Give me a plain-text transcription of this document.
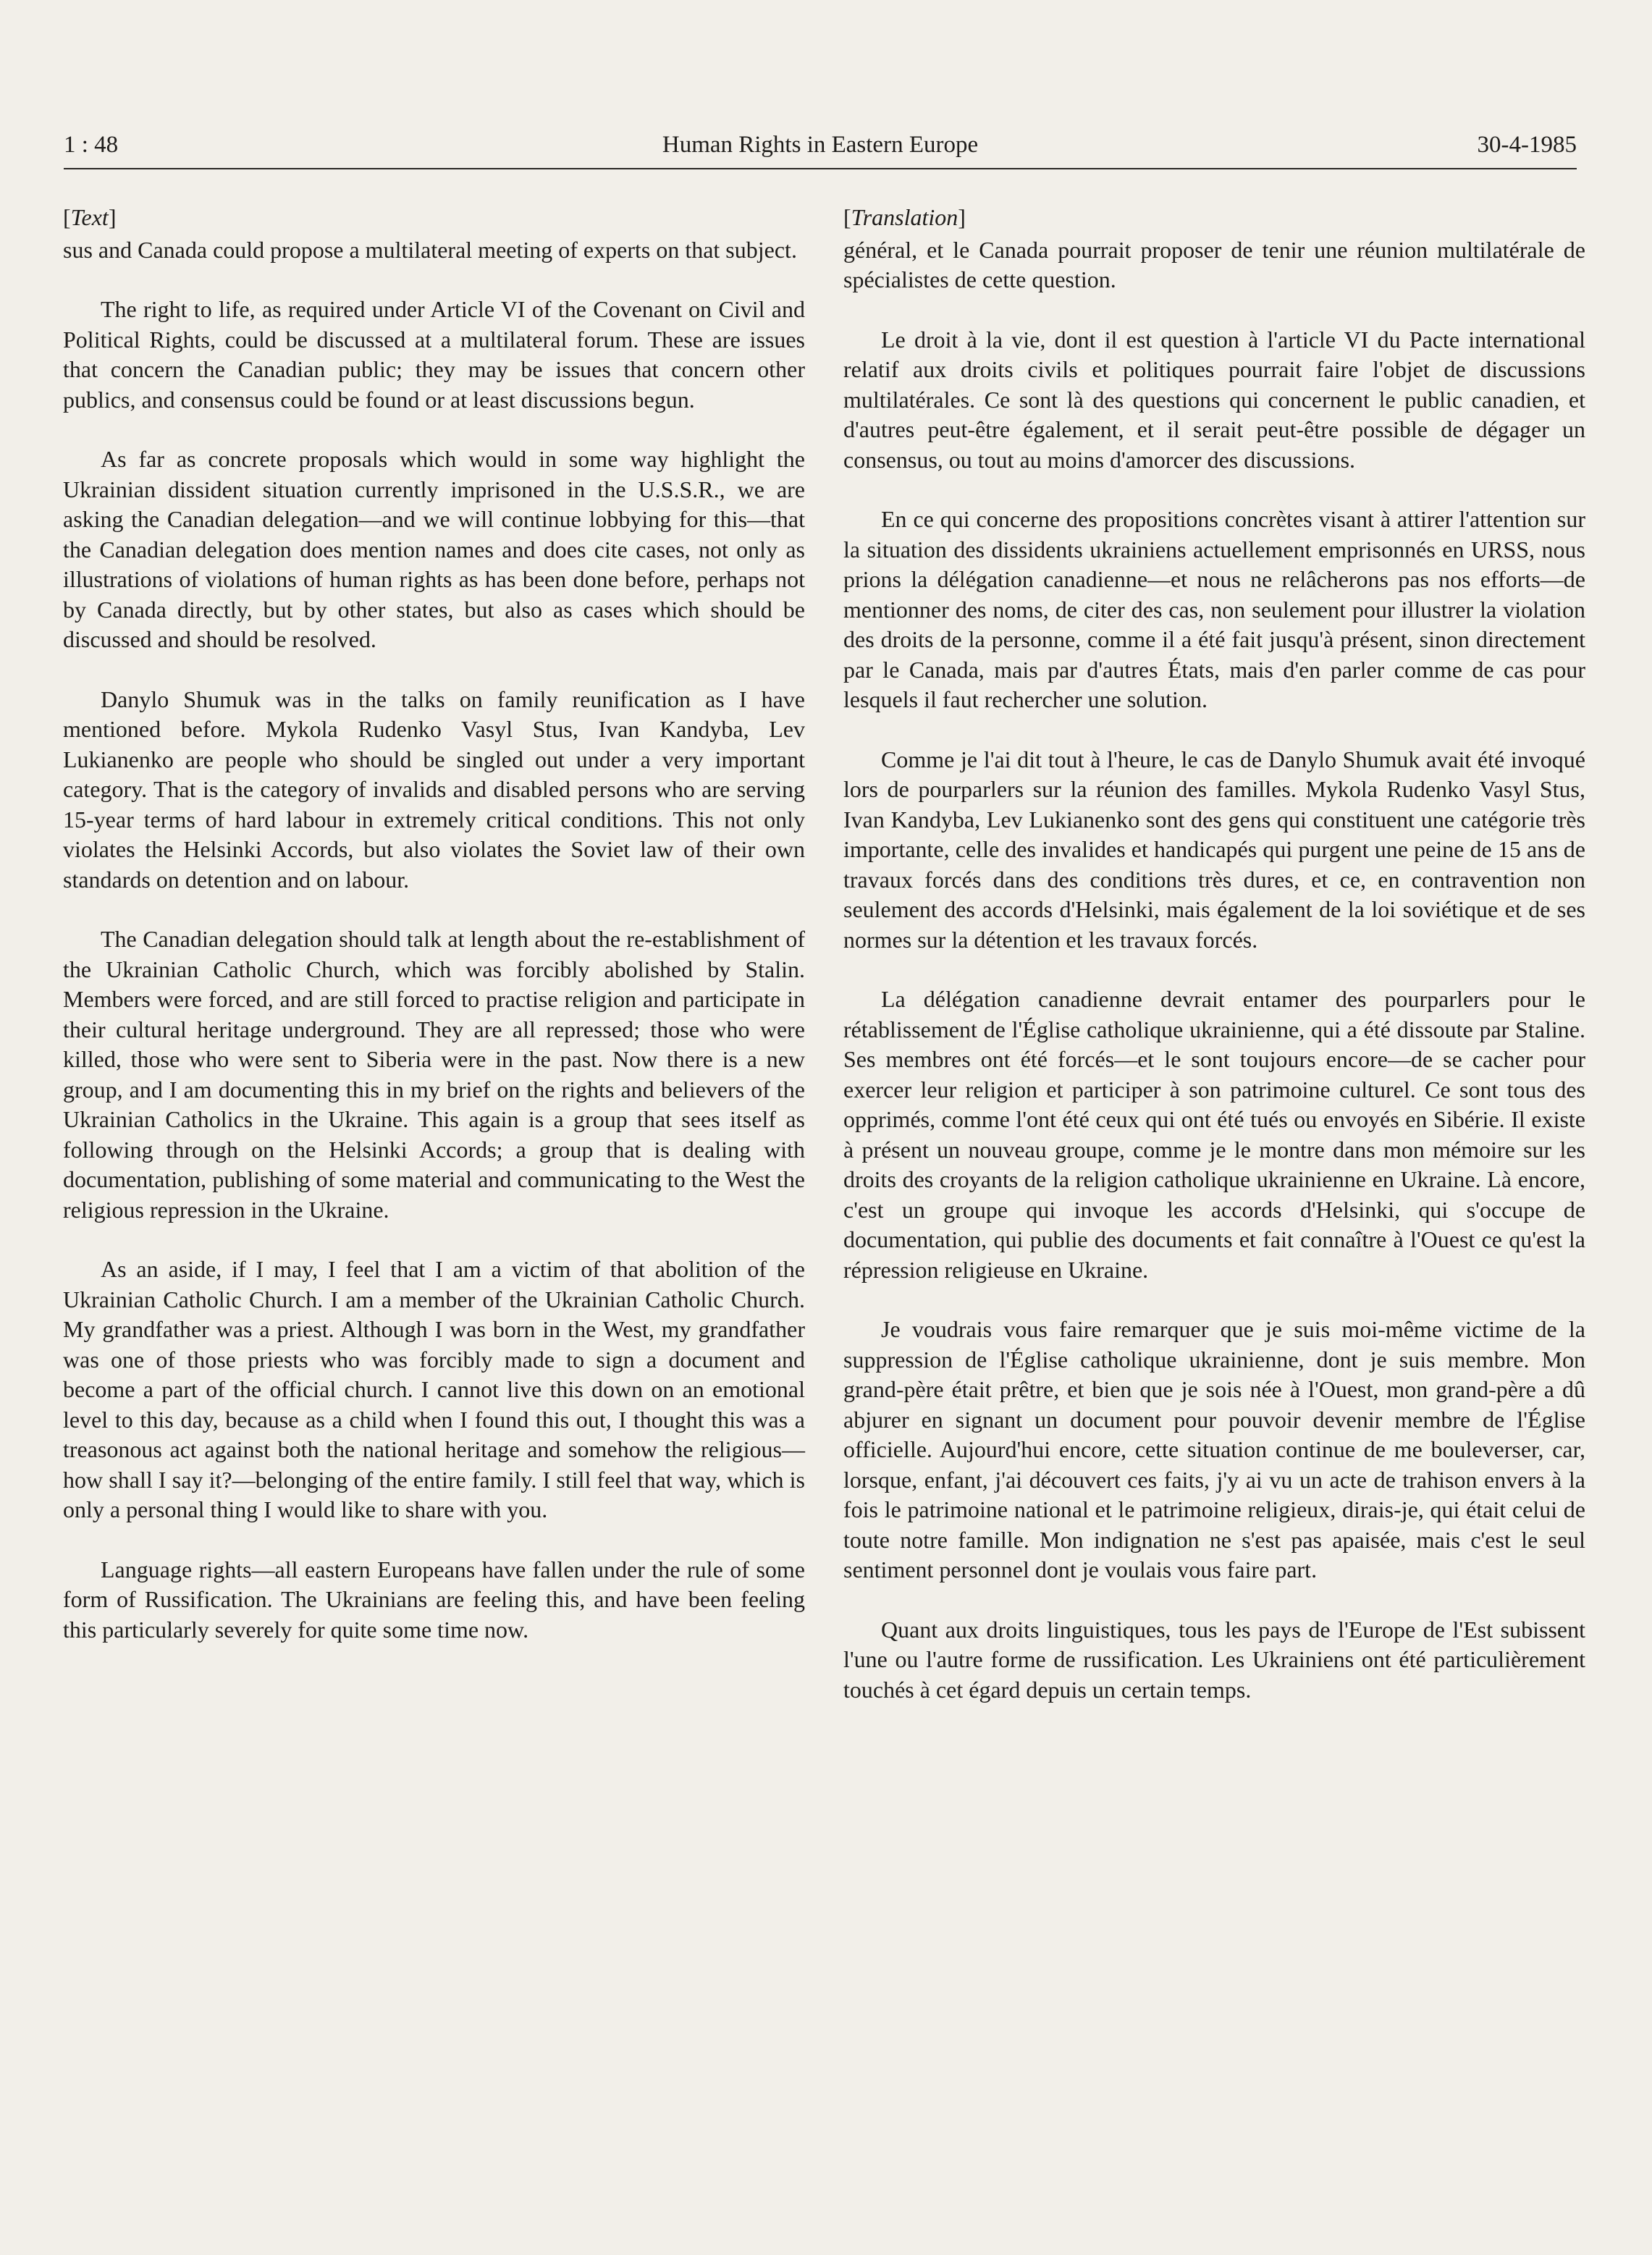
1 : 48	Human Rights in Eastern Europe	30-4-1985
[Text]

sus and Canada could propose a multilateral meeting of experts on that subject.

The right to life, as required under Article VI of the Covenant on Civil and Political Rights, could be discussed at a multilateral forum. These are issues that concern the Canadian public; they may be issues that concern other publics, and consensus could be found or at least discussions begun.

As far as concrete proposals which would in some way highlight the Ukrainian dissident situation currently imprisoned in the U.S.S.R., we are asking the Canadian delegation—and we will continue lobbying for this—that the Canadian delegation does mention names and does cite cases, not only as illustrations of violations of human rights as has been done before, perhaps not by Canada directly, but by other states, but also as cases which should be discussed and should be resolved.

Danylo Shumuk was in the talks on family reunification as I have mentioned before. Mykola Rudenko Vasyl Stus, Ivan Kandyba, Lev Lukianenko are people who should be singled out under a very important category. That is the category of invalids and disabled persons who are serving 15-year terms of hard labour in extremely critical conditions. This not only violates the Helsinki Accords, but also violates the Soviet law of their own standards on detention and on labour.

The Canadian delegation should talk at length about the re-establishment of the Ukrainian Catholic Church, which was forcibly abolished by Stalin. Members were forced, and are still forced to practise religion and participate in their cultural heritage underground. They are all repressed; those who were killed, those who were sent to Siberia were in the past. Now there is a new group, and I am documenting this in my brief on the rights and believers of the Ukrainian Catholics in the Ukraine. This again is a group that sees itself as following through on the Helsinki Accords; a group that is dealing with documentation, publishing of some material and communicating to the West the religious repression in the Ukraine.

As an aside, if I may, I feel that I am a victim of that abolition of the Ukrainian Catholic Church. I am a member of the Ukrainian Catholic Church. My grandfather was a priest. Although I was born in the West, my grandfather was one of those priests who was forcibly made to sign a document and become a part of the official church. I cannot live this down on an emotional level to this day, because as a child when I found this out, I thought this was a treasonous act against both the national heritage and somehow the religious—how shall I say it?—belonging of the entire family. I still feel that way, which is only a personal thing I would like to share with you.

Language rights—all eastern Europeans have fallen under the rule of some form of Russification. The Ukrainians are feeling this, and have been feeling this particularly severely for quite some time now.

[Translation]

général, et le Canada pourrait proposer de tenir une réunion multilatérale de spécialistes de cette question.

Le droit à la vie, dont il est question à l'article VI du Pacte international relatif aux droits civils et politiques pourrait faire l'objet de discussions multilatérales. Ce sont là des questions qui concernent le public canadien, et d'autres peut-être également, et il serait peut-être possible de dégager un consensus, ou tout au moins d'amorcer des discussions.

En ce qui concerne des propositions concrètes visant à attirer l'attention sur la situation des dissidents ukrainiens actuellement emprisonnés en URSS, nous prions la délégation canadienne—et nous ne relâcherons pas nos efforts—de mentionner des noms, de citer des cas, non seulement pour illustrer la violation des droits de la personne, comme il a été fait jusqu'à présent, sinon directement par le Canada, mais par d'autres États, mais d'en parler comme de cas pour lesquels il faut rechercher une solution.

Comme je l'ai dit tout à l'heure, le cas de Danylo Shumuk avait été invoqué lors de pourparlers sur la réunion des familles. Mykola Rudenko Vasyl Stus, Ivan Kandyba, Lev Lukianenko sont des gens qui constituent une catégorie très importante, celle des invalides et handicapés qui purgent une peine de 15 ans de travaux forcés dans des conditions très dures, et ce, en contravention non seulement des accords d'Helsinki, mais également de la loi soviétique et de ses normes sur la détention et les travaux forcés.

La délégation canadienne devrait entamer des pourparlers pour le rétablissement de l'Église catholique ukrainienne, qui a été dissoute par Staline. Ses membres ont été forcés—et le sont toujours encore—de se cacher pour exercer leur religion et participer à son patrimoine culturel. Ce sont tous des opprimés, comme l'ont été ceux qui ont été tués ou envoyés en Sibérie. Il existe à présent un nouveau groupe, comme je le montre dans mon mémoire sur les droits des croyants de la religion catholique ukrainienne en Ukraine. Là encore, c'est un groupe qui invoque les accords d'Helsinki, qui s'occupe de documentation, qui publie des documents et fait connaître à l'Ouest ce qu'est la répression religieuse en Ukraine.

Je voudrais vous faire remarquer que je suis moi-même victime de la suppression de l'Église catholique ukrainienne, dont je suis membre. Mon grand-père était prêtre, et bien que je sois née à l'Ouest, mon grand-père a dû abjurer en signant un document pour pouvoir devenir membre de l'Église officielle. Aujourd'hui encore, cette situation continue de me bouleverser, car, lorsque, enfant, j'ai découvert ces faits, j'y ai vu un acte de trahison envers à la fois le patrimoine national et le patrimoine religieux, dirais-je, qui était celui de toute notre famille. Mon indignation ne s'est pas apaisée, mais c'est le seul sentiment personnel dont je voulais vous faire part.

Quant aux droits linguistiques, tous les pays de l'Europe de l'Est subissent l'une ou l'autre forme de russification. Les Ukrainiens ont été particulièrement touchés à cet égard depuis un certain temps.
